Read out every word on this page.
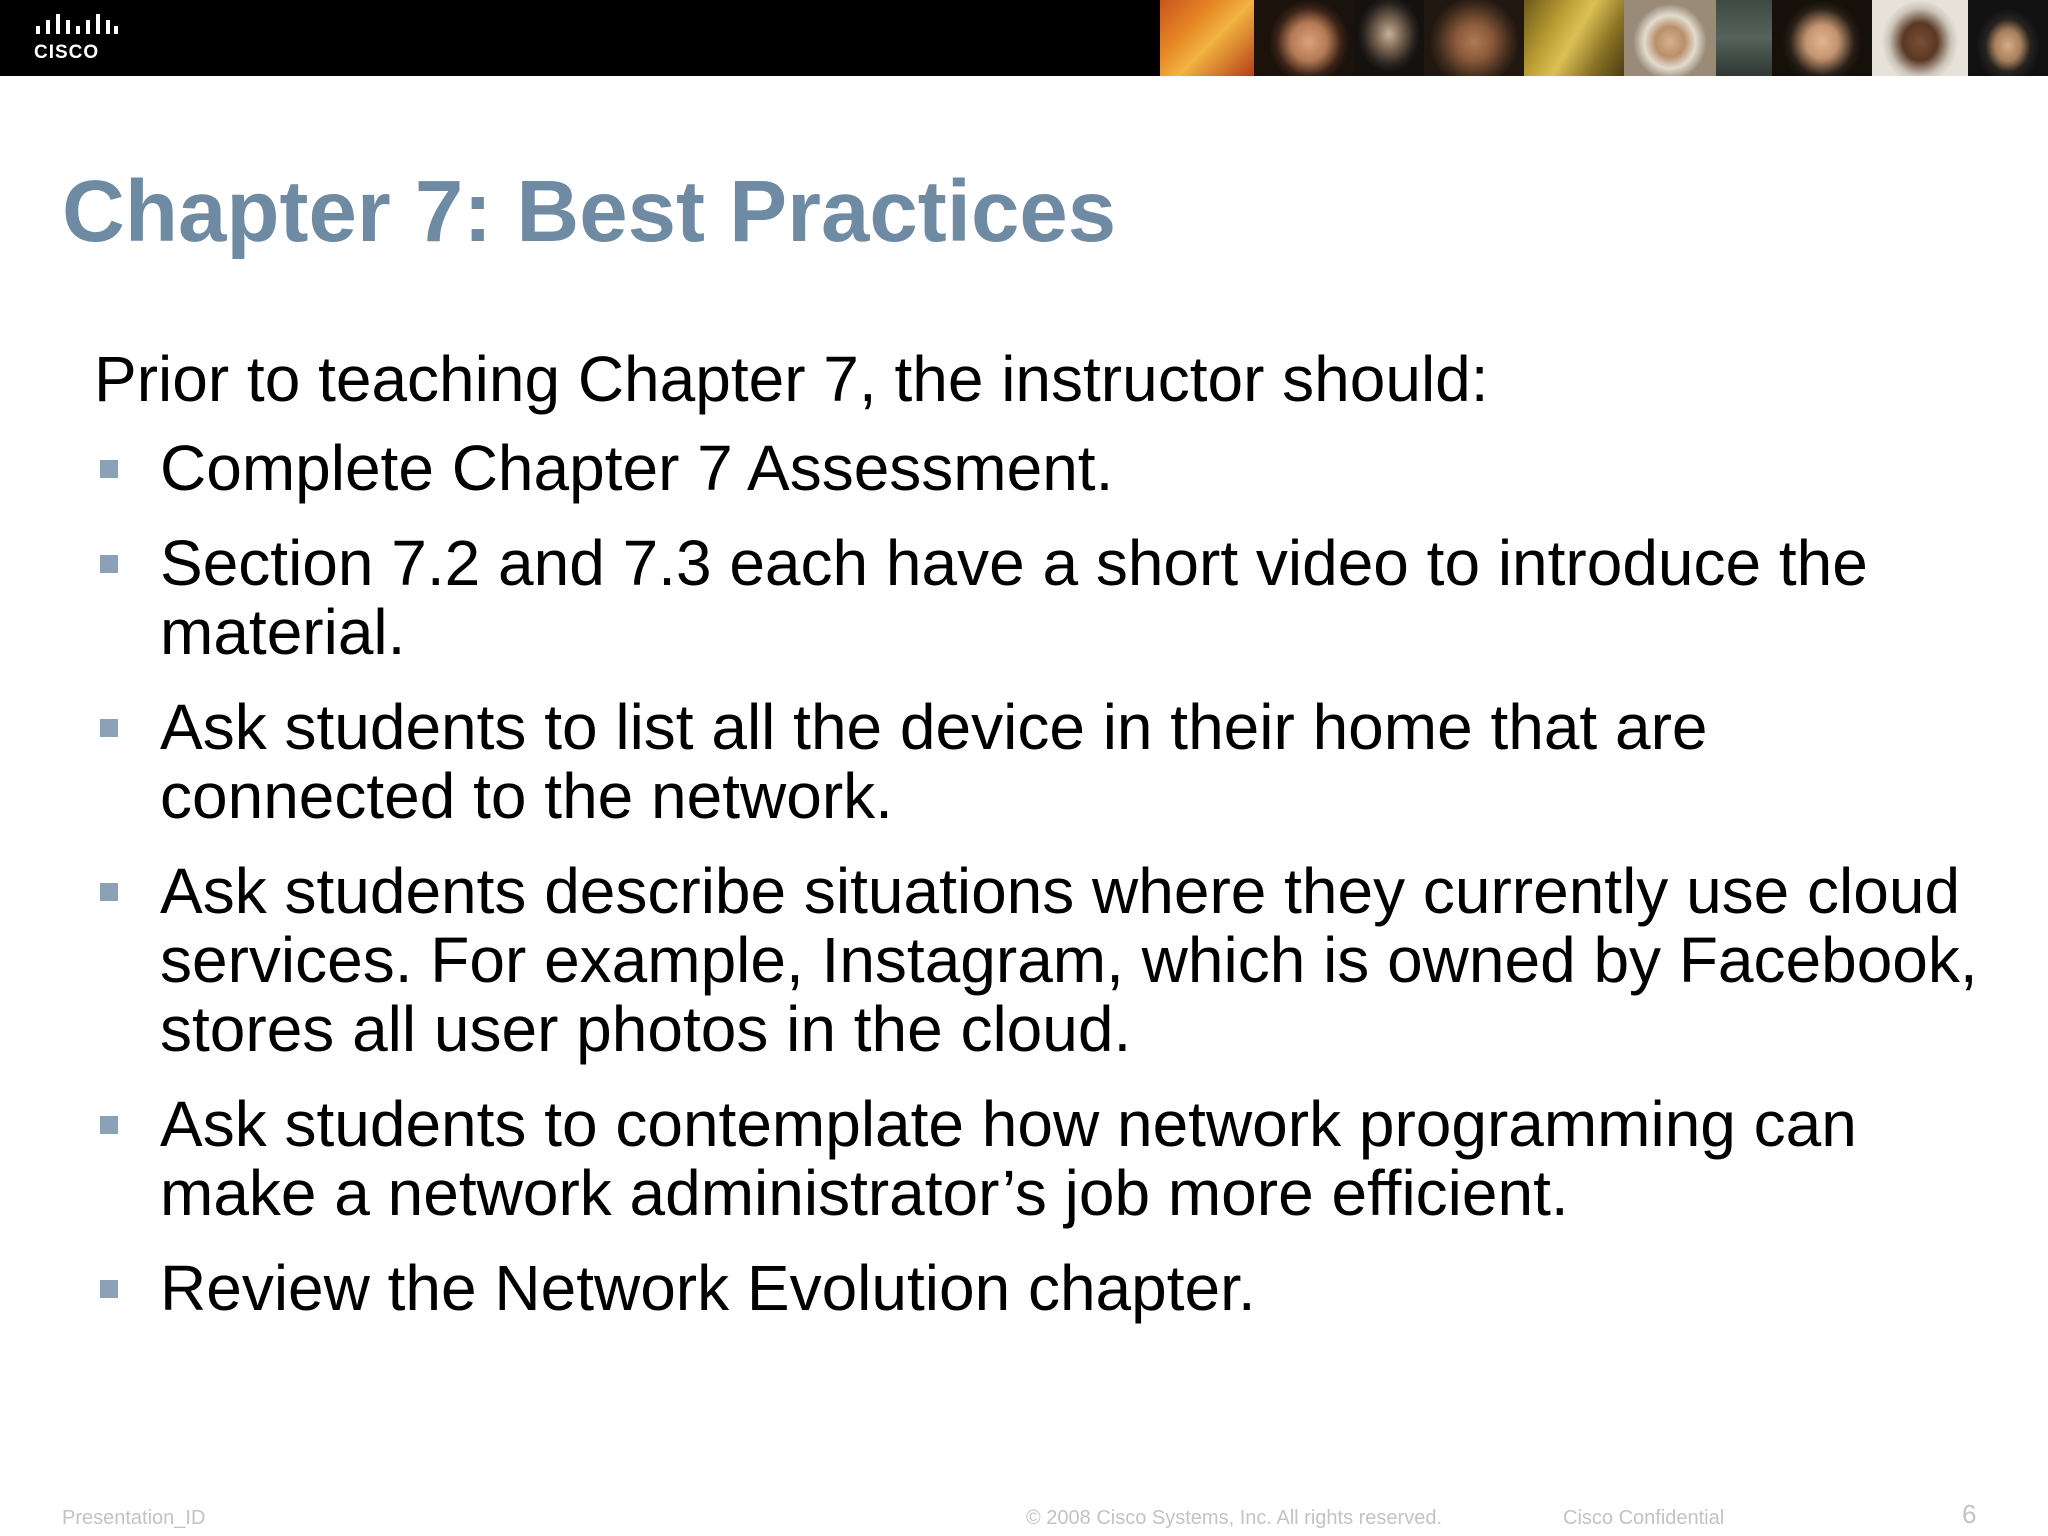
CISCO
Chapter 7: Best Practices

Prior to teaching Chapter 7, the instructor should:

Complete Chapter 7 Assessment.
Section 7.2 and 7.3 each have a short video to introduce the material.
Ask students to list all the device in their home that are connected to the network.
Ask students describe situations where they currently use cloud services. For example, Instagram, which is owned by Facebook, stores all user photos in the cloud.
Ask students to contemplate how network programming can make a network administrator’s job more efficient.
Review the Network Evolution chapter.
Presentation_ID	© 2008 Cisco Systems, Inc. All rights reserved.	Cisco Confidential	6
